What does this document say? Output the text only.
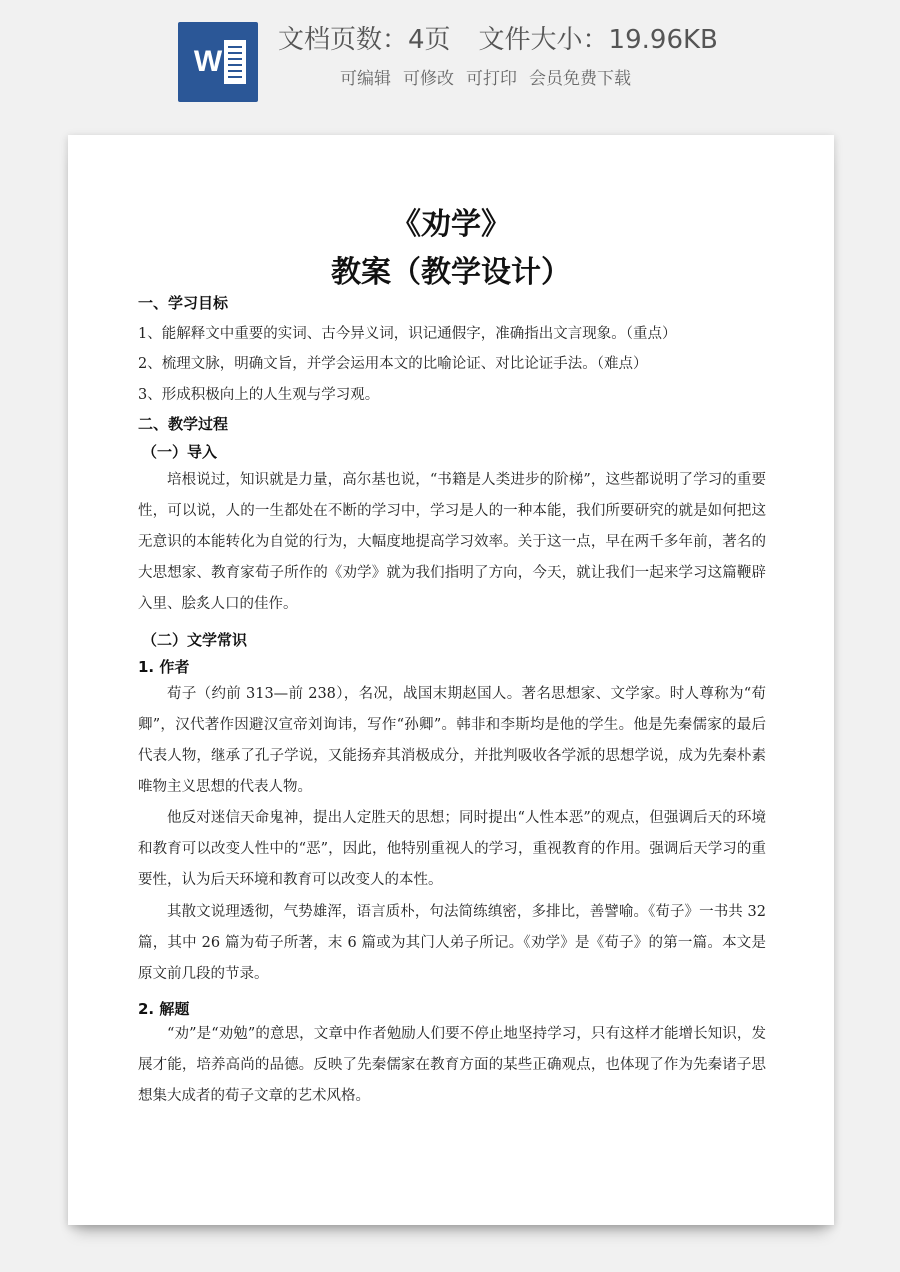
W
文档页数：4页 文件大小：19.96KB
可编辑 可修改 可打印 会员免费下载
《劝学》
教案（教学设计）
一、学习目标
1、能解释文中重要的实词、古今异义词，识记通假字，准确指出文言现象。（重点）
2、梳理文脉，明确文旨，并学会运用本文的比喻论证、对比论证手法。（难点）
3、形成积极向上的人生观与学习观。
二、教学过程
（一）导入

培根说过，知识就是力量，高尔基也说，“书籍是人类进步的阶梯”，这些都说明了学习的重要性，可以说，人的一生都处在不断的学习中，学习是人的一种本能，我们所要研究的就是如何把这无意识的本能转化为自觉的行为，大幅度地提高学习效率。关于这一点，早在两千多年前，著名的大思想家、教育家荀子所作的《劝学》就为我们指明了方向，今天，就让我们一起来学习这篇鞭辟入里、脍炙人口的佳作。

（二）文学常识
1. 作者

荀子（约前 313—前 238），名况，战国末期赵国人。著名思想家、文学家。时人尊称为“荀卿”，汉代著作因避汉宣帝刘询讳，写作“孙卿”。韩非和李斯均是他的学生。他是先秦儒家的最后代表人物，继承了孔子学说，又能扬弃其消极成分，并批判吸收各学派的思想学说，成为先秦朴素唯物主义思想的代表人物。

他反对迷信天命鬼神，提出人定胜天的思想；同时提出“人性本恶”的观点，但强调后天的环境和教育可以改变人性中的“恶”，因此，他特别重视人的学习，重视教育的作用。强调后天学习的重要性，认为后天环境和教育可以改变人的本性。

其散文说理透彻，气势雄浑，语言质朴，句法简练缜密，多排比，善譬喻。《荀子》一书共 32 篇，其中 26 篇为荀子所著，末 6 篇或为其门人弟子所记。《劝学》是《荀子》的第一篇。本文是原文前几段的节录。

2. 解题

“劝”是“劝勉”的意思，文章中作者勉励人们要不停止地坚持学习，只有这样才能增长知识，发展才能，培养高尚的品德。反映了先秦儒家在教育方面的某些正确观点，也体现了作为先秦诸子思想集大成者的荀子文章的艺术风格。
